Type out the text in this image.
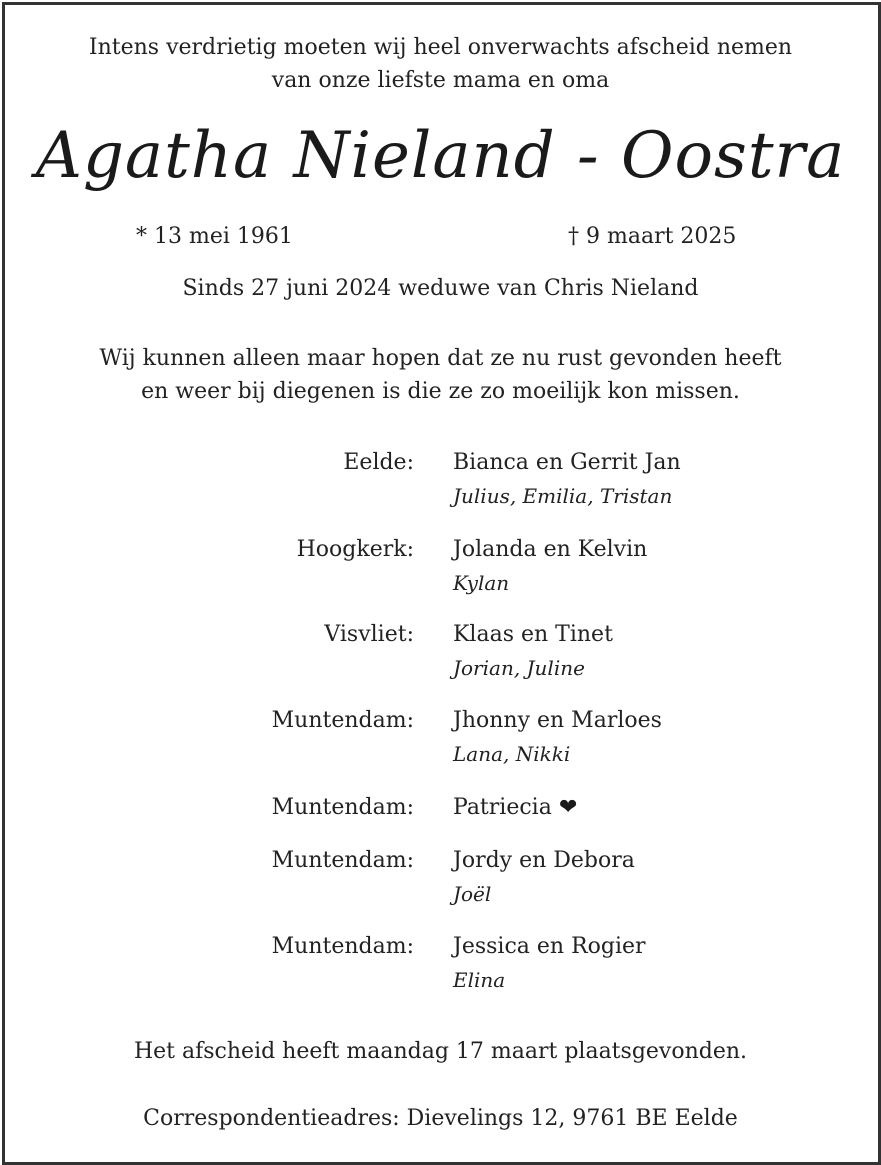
Intens verdrietig moeten wij heel onverwachts afscheid nemen
van onze liefste mama en oma
Agatha Nieland - Oostra
* 13 mei 1961	† 9 maart 2025
Sinds 27 juni 2024 weduwe van Chris Nieland
Wij kunnen alleen maar hopen dat ze nu rust gevonden heeft
en weer bij diegenen is die ze zo moeilijk kon missen.
Eelde: Bianca en Gerrit Jan
Julius, Emilia, Tristan
Hoogkerk: Jolanda en Kelvin
Kylan
Visvliet: Klaas en Tinet
Jorian, Juline
Muntendam: Jhonny en Marloes
Lana, Nikki
Muntendam: Patriecia ❤
Muntendam: Jordy en Debora
Joël
Muntendam: Jessica en Rogier
Elina
Het afscheid heeft maandag 17 maart plaatsgevonden.
Correspondentieadres: Dievelings 12, 9761 BE Eelde
